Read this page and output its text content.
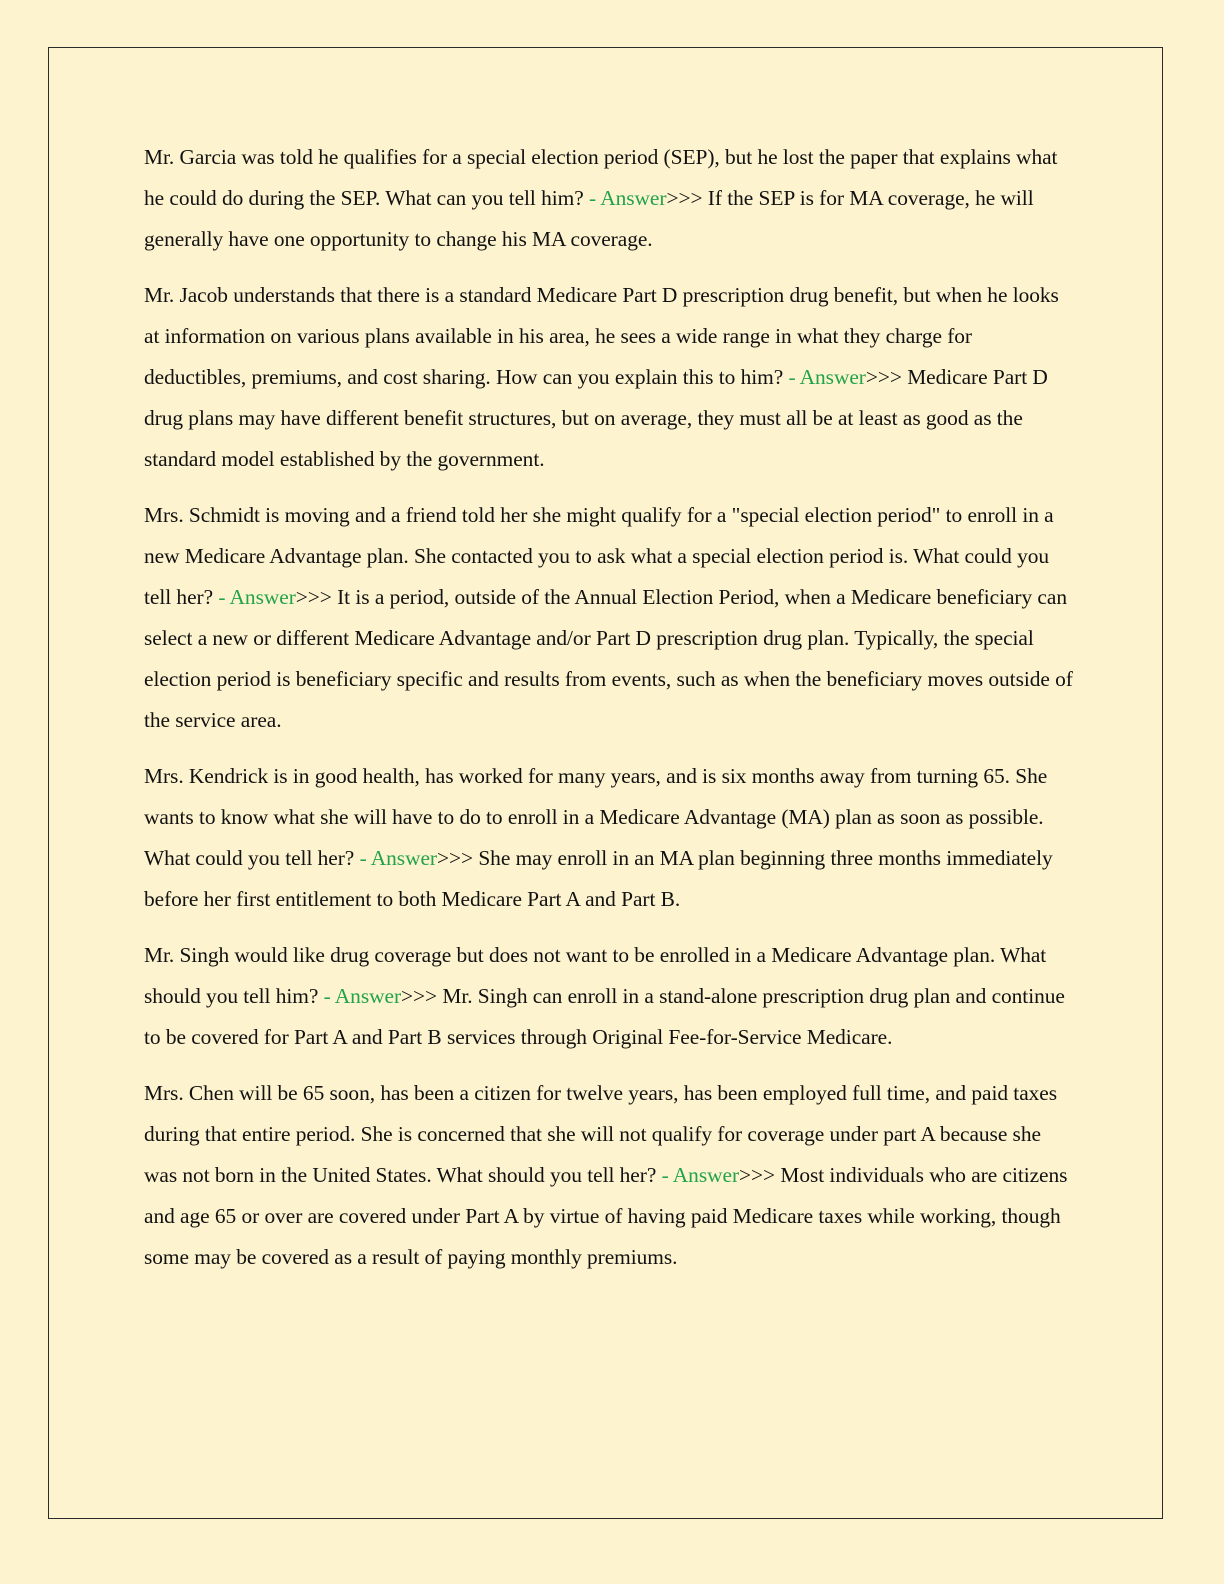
Mr. Garcia was told he qualifies for a special election period (SEP), but he lost the paper that explains what he could do during the SEP. What can you tell him? - Answer>>> If the SEP is for MA coverage, he will generally have one opportunity to change his MA coverage.

Mr. Jacob understands that there is a standard Medicare Part D prescription drug benefit, but when he looks at information on various plans available in his area, he sees a wide range in what they charge for deductibles, premiums, and cost sharing. How can you explain this to him? - Answer>>> Medicare Part D drug plans may have different benefit structures, but on average, they must all be at least as good as the standard model established by the government.

Mrs. Schmidt is moving and a friend told her she might qualify for a "special election period" to enroll in a new Medicare Advantage plan. She contacted you to ask what a special election period is. What could you tell her? - Answer>>> It is a period, outside of the Annual Election Period, when a Medicare beneficiary can select a new or different Medicare Advantage and/or Part D prescription drug plan. Typically, the special election period is beneficiary specific and results from events, such as when the beneficiary moves outside of the service area.

Mrs. Kendrick is in good health, has worked for many years, and is six months away from turning 65. She wants to know what she will have to do to enroll in a Medicare Advantage (MA) plan as soon as possible. What could you tell her? - Answer>>> She may enroll in an MA plan beginning three months immediately before her first entitlement to both Medicare Part A and Part B.

Mr. Singh would like drug coverage but does not want to be enrolled in a Medicare Advantage plan. What should you tell him? - Answer>>> Mr. Singh can enroll in a stand-alone prescription drug plan and continue to be covered for Part A and Part B services through Original Fee-for-Service Medicare.

Mrs. Chen will be 65 soon, has been a citizen for twelve years, has been employed full time, and paid taxes during that entire period. She is concerned that she will not qualify for coverage under part A because she was not born in the United States. What should you tell her? - Answer>>> Most individuals who are citizens and age 65 or over are covered under Part A by virtue of having paid Medicare taxes while working, though some may be covered as a result of paying monthly premiums.
